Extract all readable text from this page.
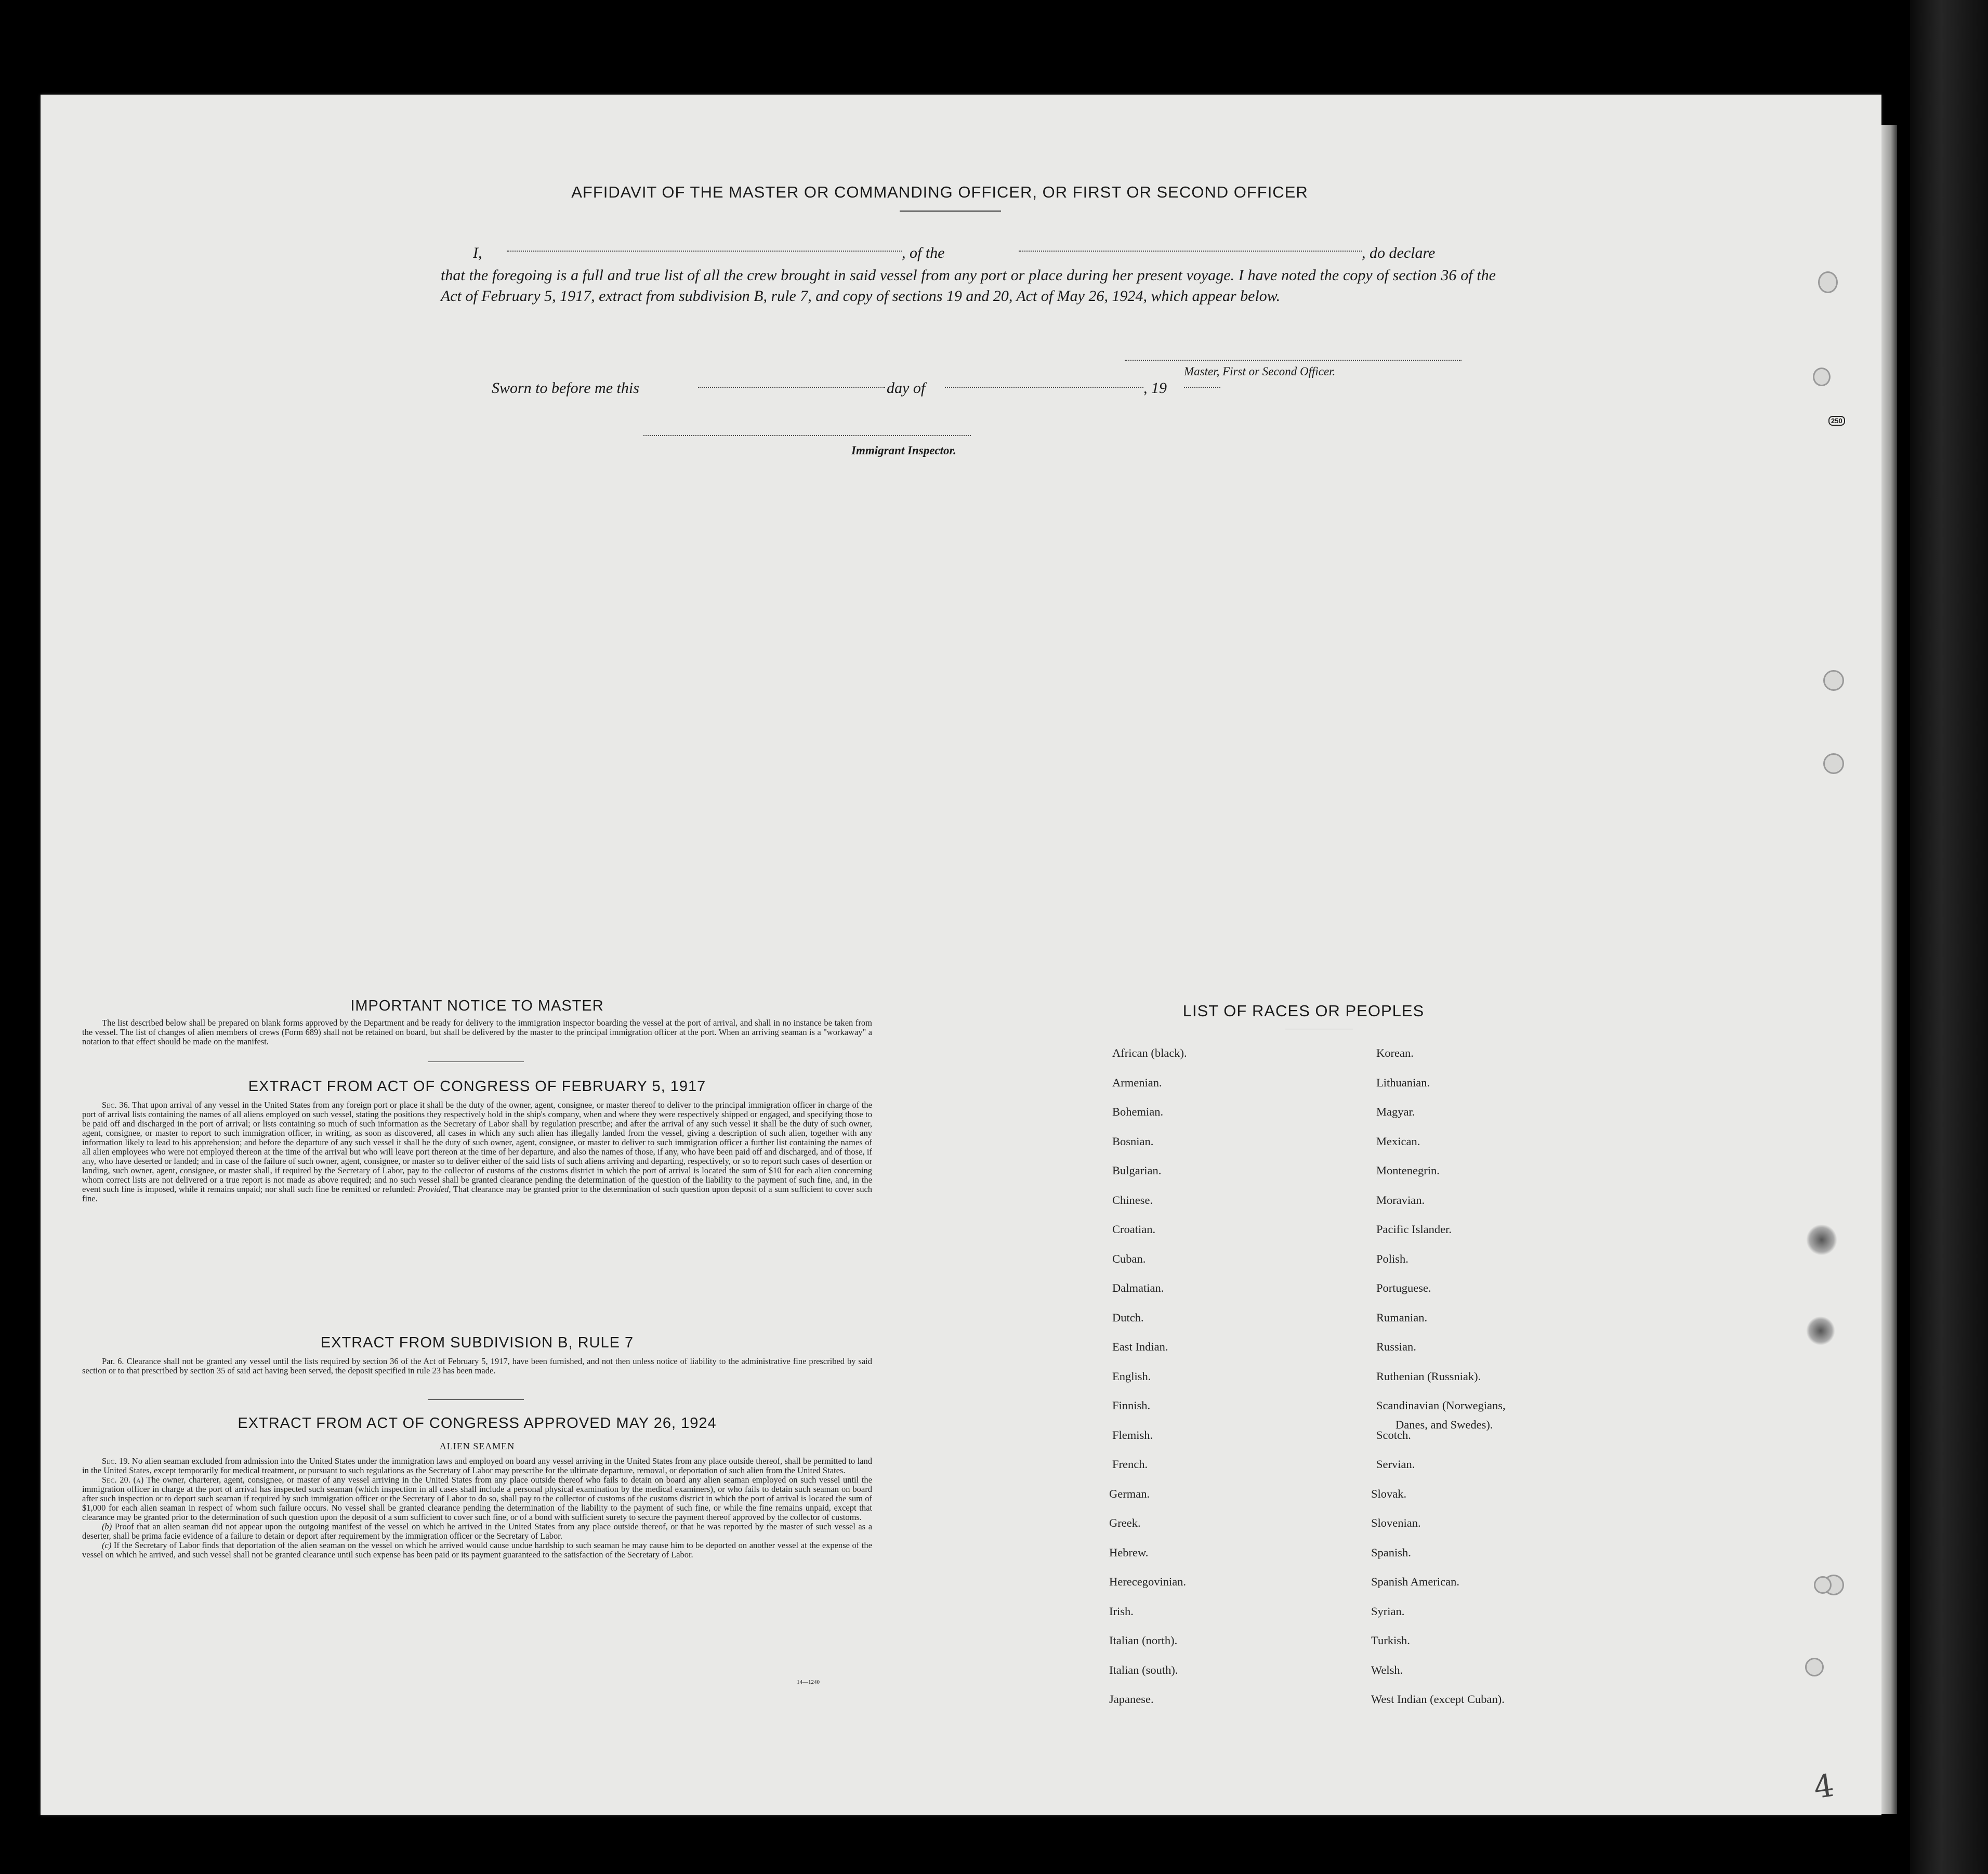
AFFIDAVIT OF THE MASTER OR COMMANDING OFFICER, OR FIRST OR SECOND OFFICER
I,	, of the	, do declare
that the foregoing is a full and true list of all the crew brought in said vessel from any port or place during her present voyage. I have noted the copy of section 36 of the Act of February 5, 1917, extract from subdivision B, rule 7, and copy of sections 19 and 20, Act of May 26, 1924, which appear below.
Master, First or Second Officer.
Sworn to before me this	day of	, 19
Immigrant Inspector.
IMPORTANT NOTICE TO MASTER

The list described below shall be prepared on blank forms approved by the Department and be ready for delivery to the immigration inspector boarding the vessel at the port of arrival, and shall in no instance be taken from the vessel. The list of changes of alien members of crews (Form 689) shall not be retained on board, but shall be delivered by the master to the principal immigration officer at the port. When an arriving seaman is a "workaway" a notation to that effect should be made on the manifest.

EXTRACT FROM ACT OF CONGRESS OF FEBRUARY 5, 1917

Sec. 36. That upon arrival of any vessel in the United States from any foreign port or place it shall be the duty of the owner, agent, consignee, or master thereof to deliver to the principal immigration officer in charge of the port of arrival lists containing the names of all aliens employed on such vessel, stating the positions they respectively hold in the ship's company, when and where they were respectively shipped or engaged, and specifying those to be paid off and discharged in the port of arrival; or lists containing so much of such information as the Secretary of Labor shall by regulation prescribe; and after the arrival of any such vessel it shall be the duty of such owner, agent, consignee, or master to report to such immigration officer, in writing, as soon as discovered, all cases in which any such alien has illegally landed from the vessel, giving a description of such alien, together with any information likely to lead to his apprehension; and before the departure of any such vessel it shall be the duty of such owner, agent, consignee, or master to deliver to such immigration officer a further list containing the names of all alien employees who were not employed thereon at the time of the arrival but who will leave port thereon at the time of her departure, and also the names of those, if any, who have been paid off and discharged, and of those, if any, who have deserted or landed; and in case of the failure of such owner, agent, consignee, or master so to deliver either of the said lists of such aliens arriving and departing, respectively, or so to report such cases of desertion or landing, such owner, agent, consignee, or master shall, if required by the Secretary of Labor, pay to the collector of customs of the customs district in which the port of arrival is located the sum of $10 for each alien concerning whom correct lists are not delivered or a true report is not made as above required; and no such vessel shall be granted clearance pending the determination of the question of the liability to the payment of such fine, and, in the event such fine is imposed, while it remains unpaid; nor shall such fine be remitted or refunded: Provided, That clearance may be granted prior to the determination of such question upon deposit of a sum sufficient to cover such fine.

EXTRACT FROM SUBDIVISION B, RULE 7

Par. 6. Clearance shall not be granted any vessel until the lists required by section 36 of the Act of February 5, 1917, have been furnished, and not then unless notice of liability to the administrative fine prescribed by said section or to that prescribed by section 35 of said act having been served, the deposit specified in rule 23 has been made.

EXTRACT FROM ACT OF CONGRESS APPROVED MAY 26, 1924
ALIEN SEAMEN

Sec. 19. No alien seaman excluded from admission into the United States under the immigration laws and employed on board any vessel arriving in the United States from any place outside thereof, shall be permitted to land in the United States, except temporarily for medical treatment, or pursuant to such regulations as the Secretary of Labor may prescribe for the ultimate departure, removal, or deportation of such alien from the United States.

Sec. 20. (a) The owner, charterer, agent, consignee, or master of any vessel arriving in the United States from any place outside thereof who fails to detain on board any alien seaman employed on such vessel until the immigration officer in charge at the port of arrival has inspected such seaman (which inspection in all cases shall include a personal physical examination by the medical examiners), or who fails to detain such seaman on board after such inspection or to deport such seaman if required by such immigration officer or the Secretary of Labor to do so, shall pay to the collector of customs of the customs district in which the port of arrival is located the sum of $1,000 for each alien seaman in respect of whom such failure occurs. No vessel shall be granted clearance pending the determination of the liability to the payment of such fine, or while the fine remains unpaid, except that clearance may be granted prior to the determination of such question upon the deposit of a sum sufficient to cover such fine, or of a bond with sufficient surety to secure the payment thereof approved by the collector of customs.

(b) Proof that an alien seaman did not appear upon the outgoing manifest of the vessel on which he arrived in the United States from any place outside thereof, or that he was reported by the master of such vessel as a deserter, shall be prima facie evidence of a failure to detain or deport after requirement by the immigration officer or the Secretary of Labor.

(c) If the Secretary of Labor finds that deportation of the alien seaman on the vessel on which he arrived would cause undue hardship to such seaman he may cause him to be deported on another vessel at the expense of the vessel on which he arrived, and such vessel shall not be granted clearance until such expense has been paid or its payment guaranteed to the satisfaction of the Secretary of Labor.

14—1240
LIST OF RACES OR PEOPLES
African (black).
Armenian.
Bohemian.
Bosnian.
Bulgarian.
Chinese.
Croatian.
Cuban.
Dalmatian.
Dutch.
East Indian.
English.
Finnish.
Flemish.
French.
German.
Greek.
Hebrew.
Herecegovinian.
Irish.
Italian (north).
Italian (south).
Japanese.
Korean.
Lithuanian.
Magyar.
Mexican.
Montenegrin.
Moravian.
Pacific Islander.
Polish.
Portuguese.
Rumanian.
Russian.
Ruthenian (Russniak).
Scandinavian (Norwegians,
Scotch.
Servian.
Slovak.
Slovenian.
Spanish.
Spanish American.
Syrian.
Turkish.
Welsh.
West Indian (except Cuban).
Danes, and Swedes).
250
4
